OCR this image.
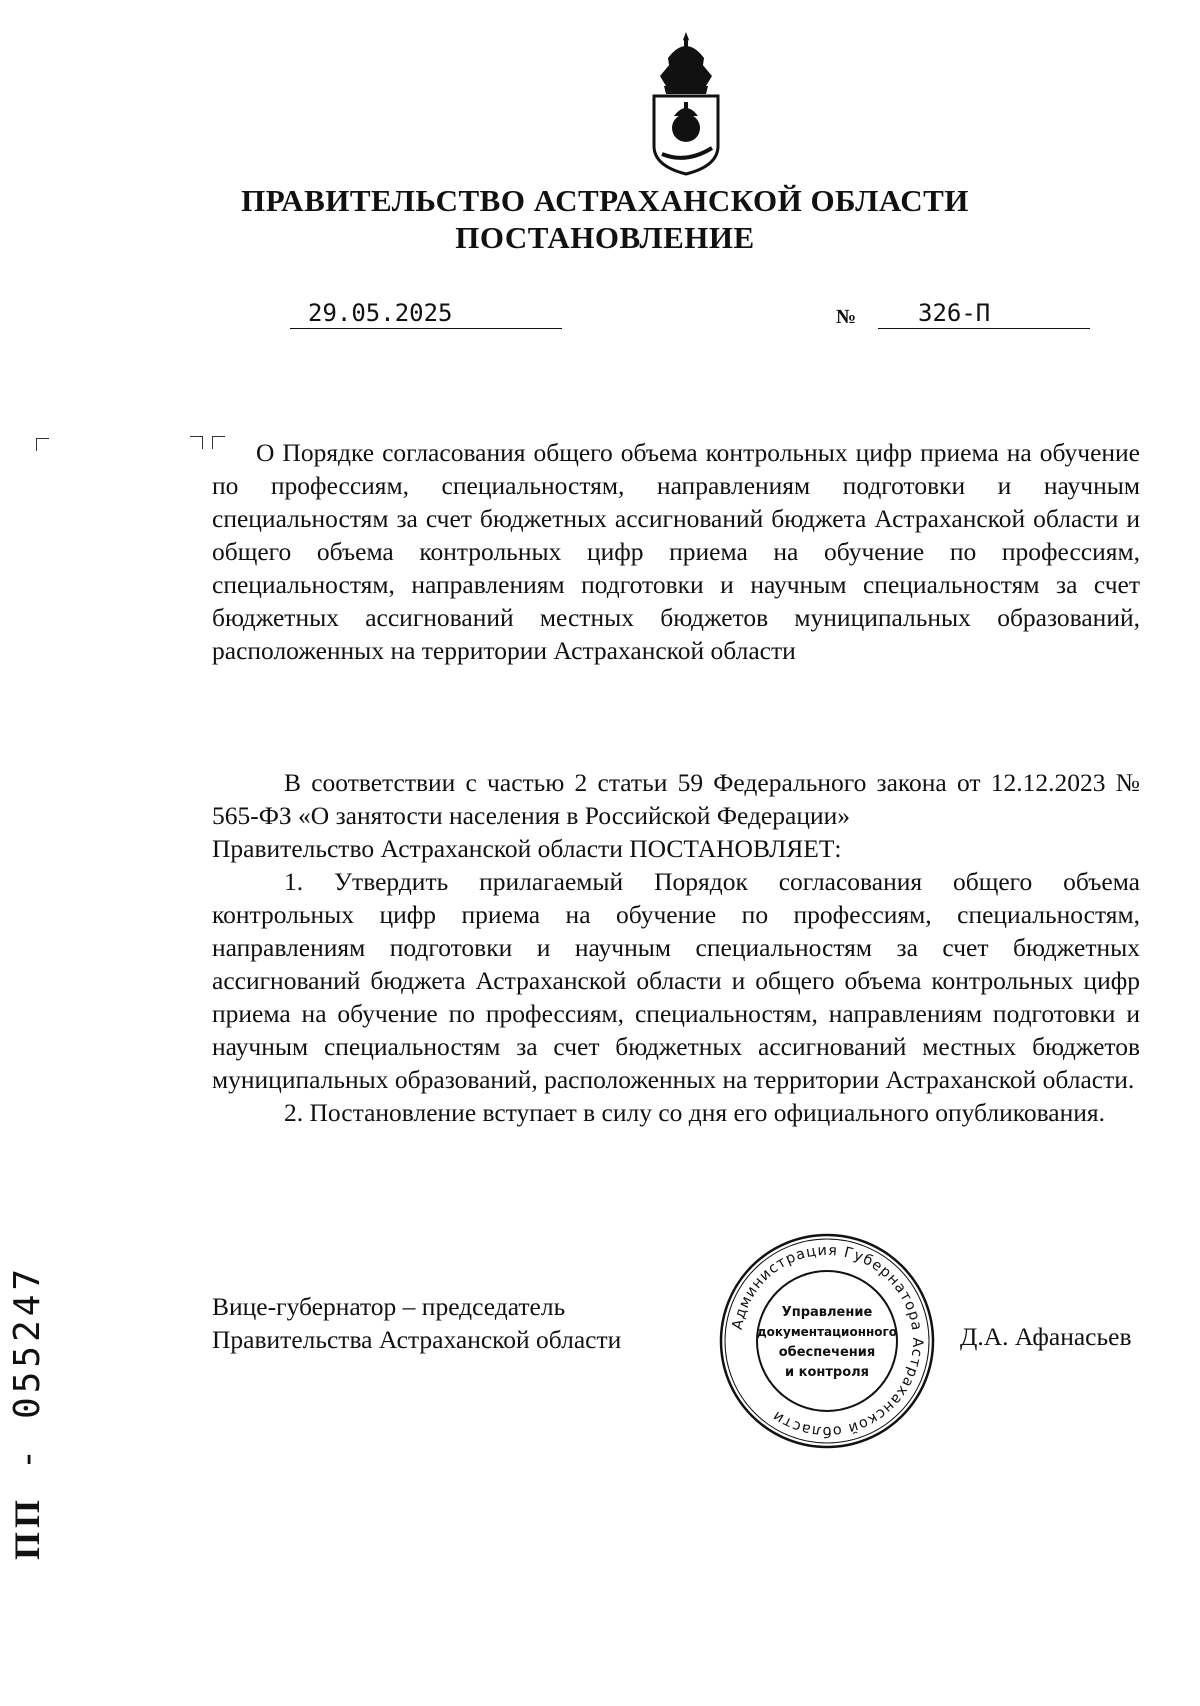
ПРАВИТЕЛЬСТВО АСТРАХАНСКОЙ ОБЛАСТИ
ПОСТАНОВЛЕНИЕ
29.05.2025	№	326-П

О Порядке согласования общего объема контрольных цифр приема на обучение по профессиям, специальностям, направлениям подготовки и научным специальностям за счет бюджетных ассигнований бюджета Астраханской области и общего объема контрольных цифр приема на обучение по профессиям, специальностям, направлениям подготовки и научным специальностям за счет бюджетных ассигнований местных бюджетов муниципальных образований, расположенных на территории Астраханской области

В соответствии с частью 2 статьи 59 Федерального закона от 12.12.2023 № 565-ФЗ «О занятости населения в Российской Федерации»

Правительство Астраханской области ПОСТАНОВЛЯЕТ:

1. Утвердить прилагаемый Порядок согласования общего объема контрольных цифр приема на обучение по профессиям, специальностям, направлениям подготовки и научным специальностям за счет бюджетных ассигнований бюджета Астраханской области и общего объема контрольных цифр приема на обучение по профессиям, специальностям, направлениям подготовки и научным специальностям за счет бюджетных ассигнований местных бюджетов муниципальных образований, расположенных на территории Астраханской области.

2. Постановление вступает в силу со дня его официального опубликования.

Вице-губернатор – председатель
Правительства Астраханской области
Администрация Губернатора Астраханской области
Управление
документационного
обеспечения
и контроля
Д.А. Афанасьев
ПП - 055247
